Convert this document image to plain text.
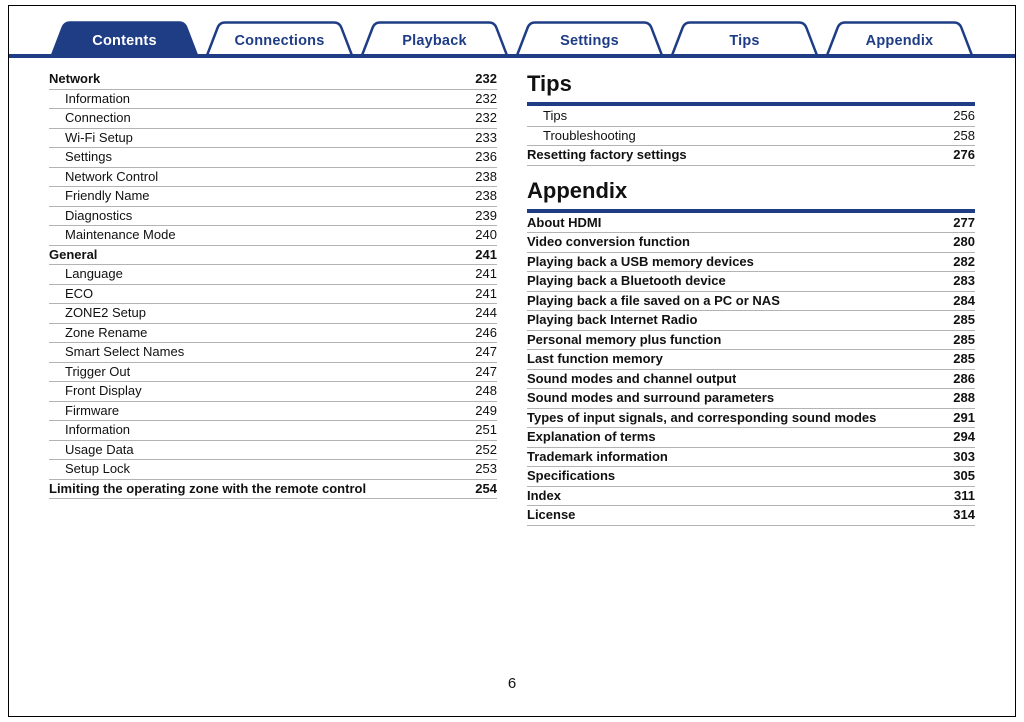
Contents	Connections	Playback	Settings	Tips	Appendix
Network	232
Information	232
Connection	232
Wi-Fi Setup	233
Settings	236
Network Control	238
Friendly Name	238
Diagnostics	239
Maintenance Mode	240
General	241
Language	241
ECO	241
ZONE2 Setup	244
Zone Rename	246
Smart Select Names	247
Trigger Out	247
Front Display	248
Firmware	249
Information	251
Usage Data	252
Setup Lock	253
Limiting the operating zone with the remote control	254
Tips
Tips	256
Troubleshooting	258
Resetting factory settings	276
Appendix
About HDMI	277
Video conversion function	280
Playing back a USB memory devices	282
Playing back a Bluetooth device	283
Playing back a file saved on a PC or NAS	284
Playing back Internet Radio	285
Personal memory plus function	285
Last function memory	285
Sound modes and channel output	286
Sound modes and surround parameters	288
Types of input signals, and corresponding sound modes	291
Explanation of terms	294
Trademark information	303
Specifications	305
Index	311
License	314
6
